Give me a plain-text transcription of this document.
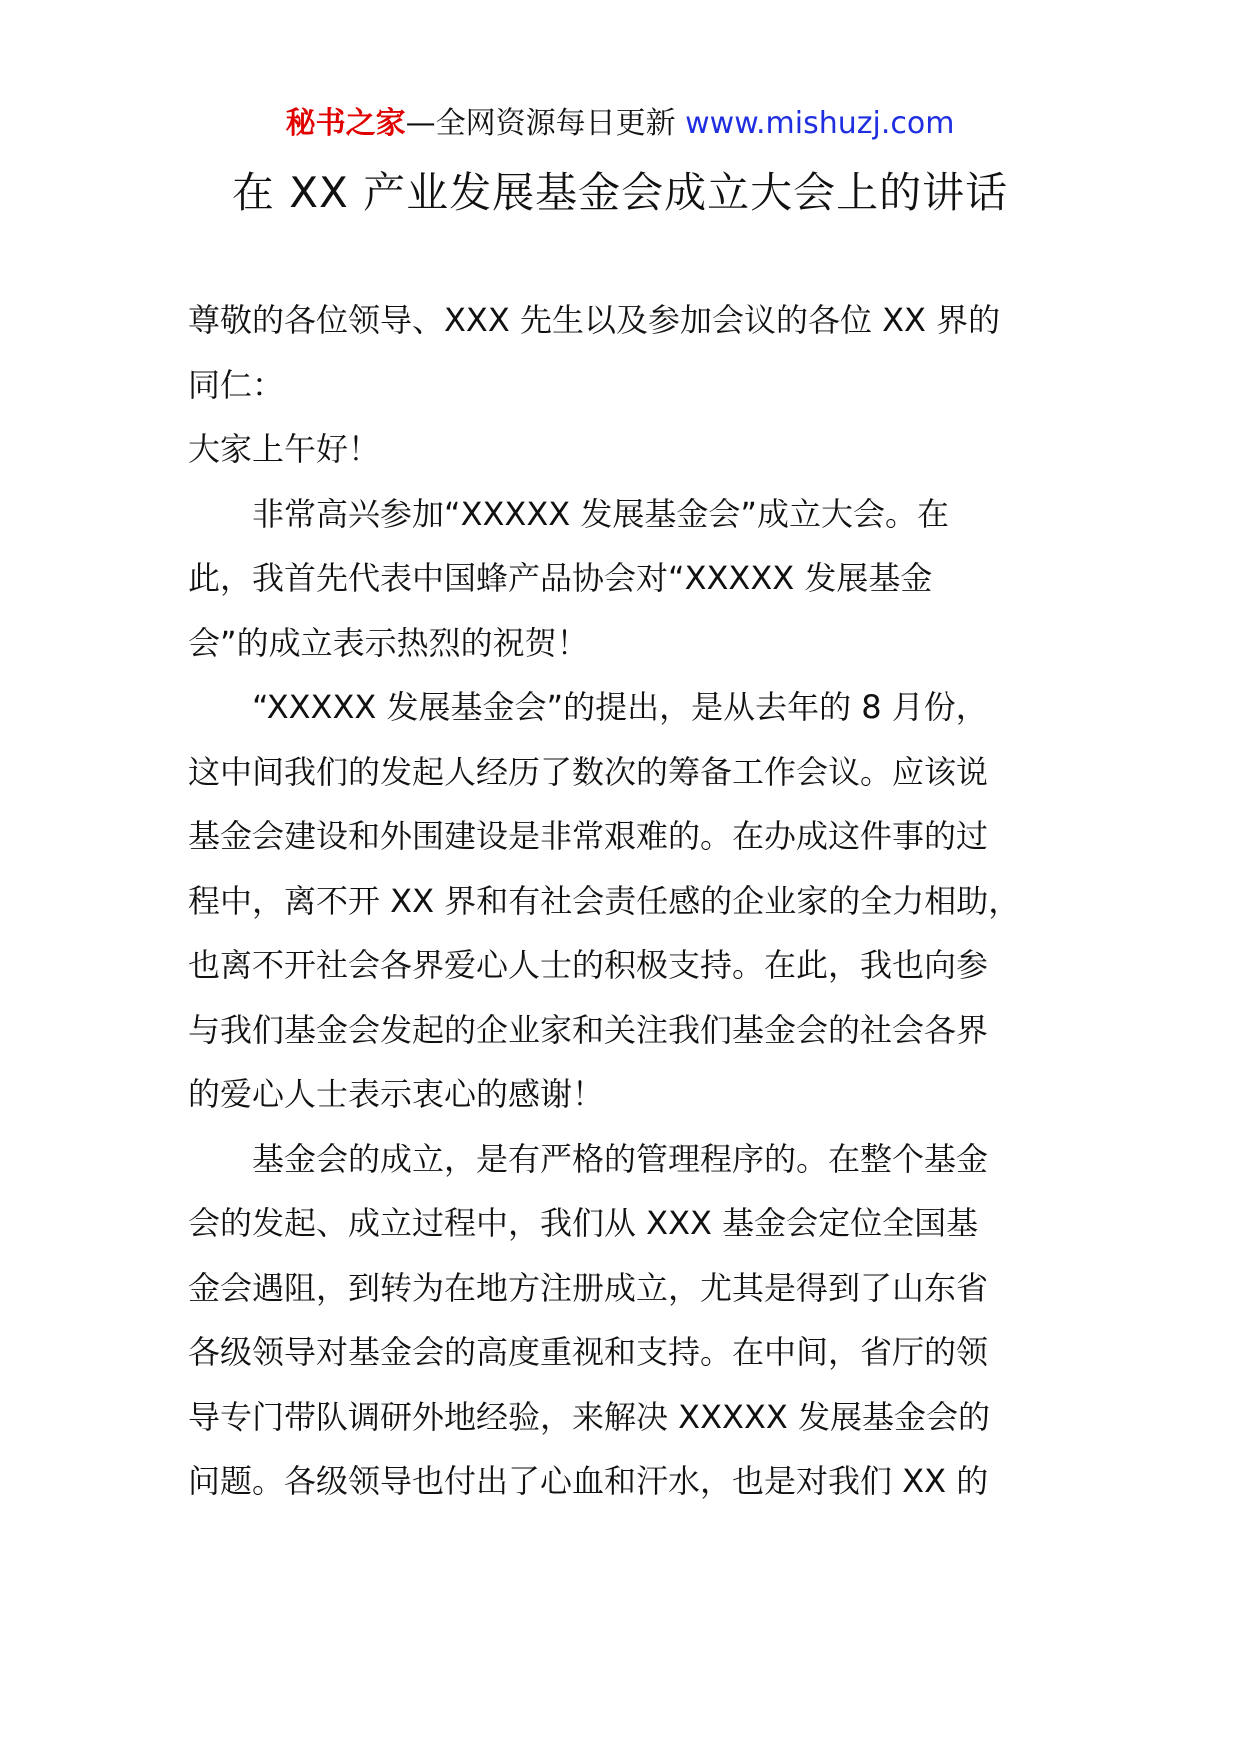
秘书之家—全网资源每日更新 www.mishuzj.com
在 XX 产业发展基金会成立大会上的讲话
尊敬的各位领导、XXX 先生以及参加会议的各位 XX 界的
同仁：
大家上午好！
非常高兴参加“XXXXX 发展基金会”成立大会。在
此，我首先代表中国蜂产品协会对“XXXXX 发展基金
会”的成立表示热烈的祝贺！
“XXXXX 发展基金会”的提出，是从去年的 8 月份，
这中间我们的发起人经历了数次的筹备工作会议。应该说
基金会建设和外围建设是非常艰难的。在办成这件事的过
程中，离不开 XX 界和有社会责任感的企业家的全力相助，
也离不开社会各界爱心人士的积极支持。在此，我也向参
与我们基金会发起的企业家和关注我们基金会的社会各界
的爱心人士表示衷心的感谢！
基金会的成立，是有严格的管理程序的。在整个基金
会的发起、成立过程中，我们从 XXX 基金会定位全国基
金会遇阻，到转为在地方注册成立，尤其是得到了山东省
各级领导对基金会的高度重视和支持。在中间，省厅的领
导专门带队调研外地经验，来解决 XXXXX 发展基金会的
问题。各级领导也付出了心血和汗水，也是对我们 XX 的
